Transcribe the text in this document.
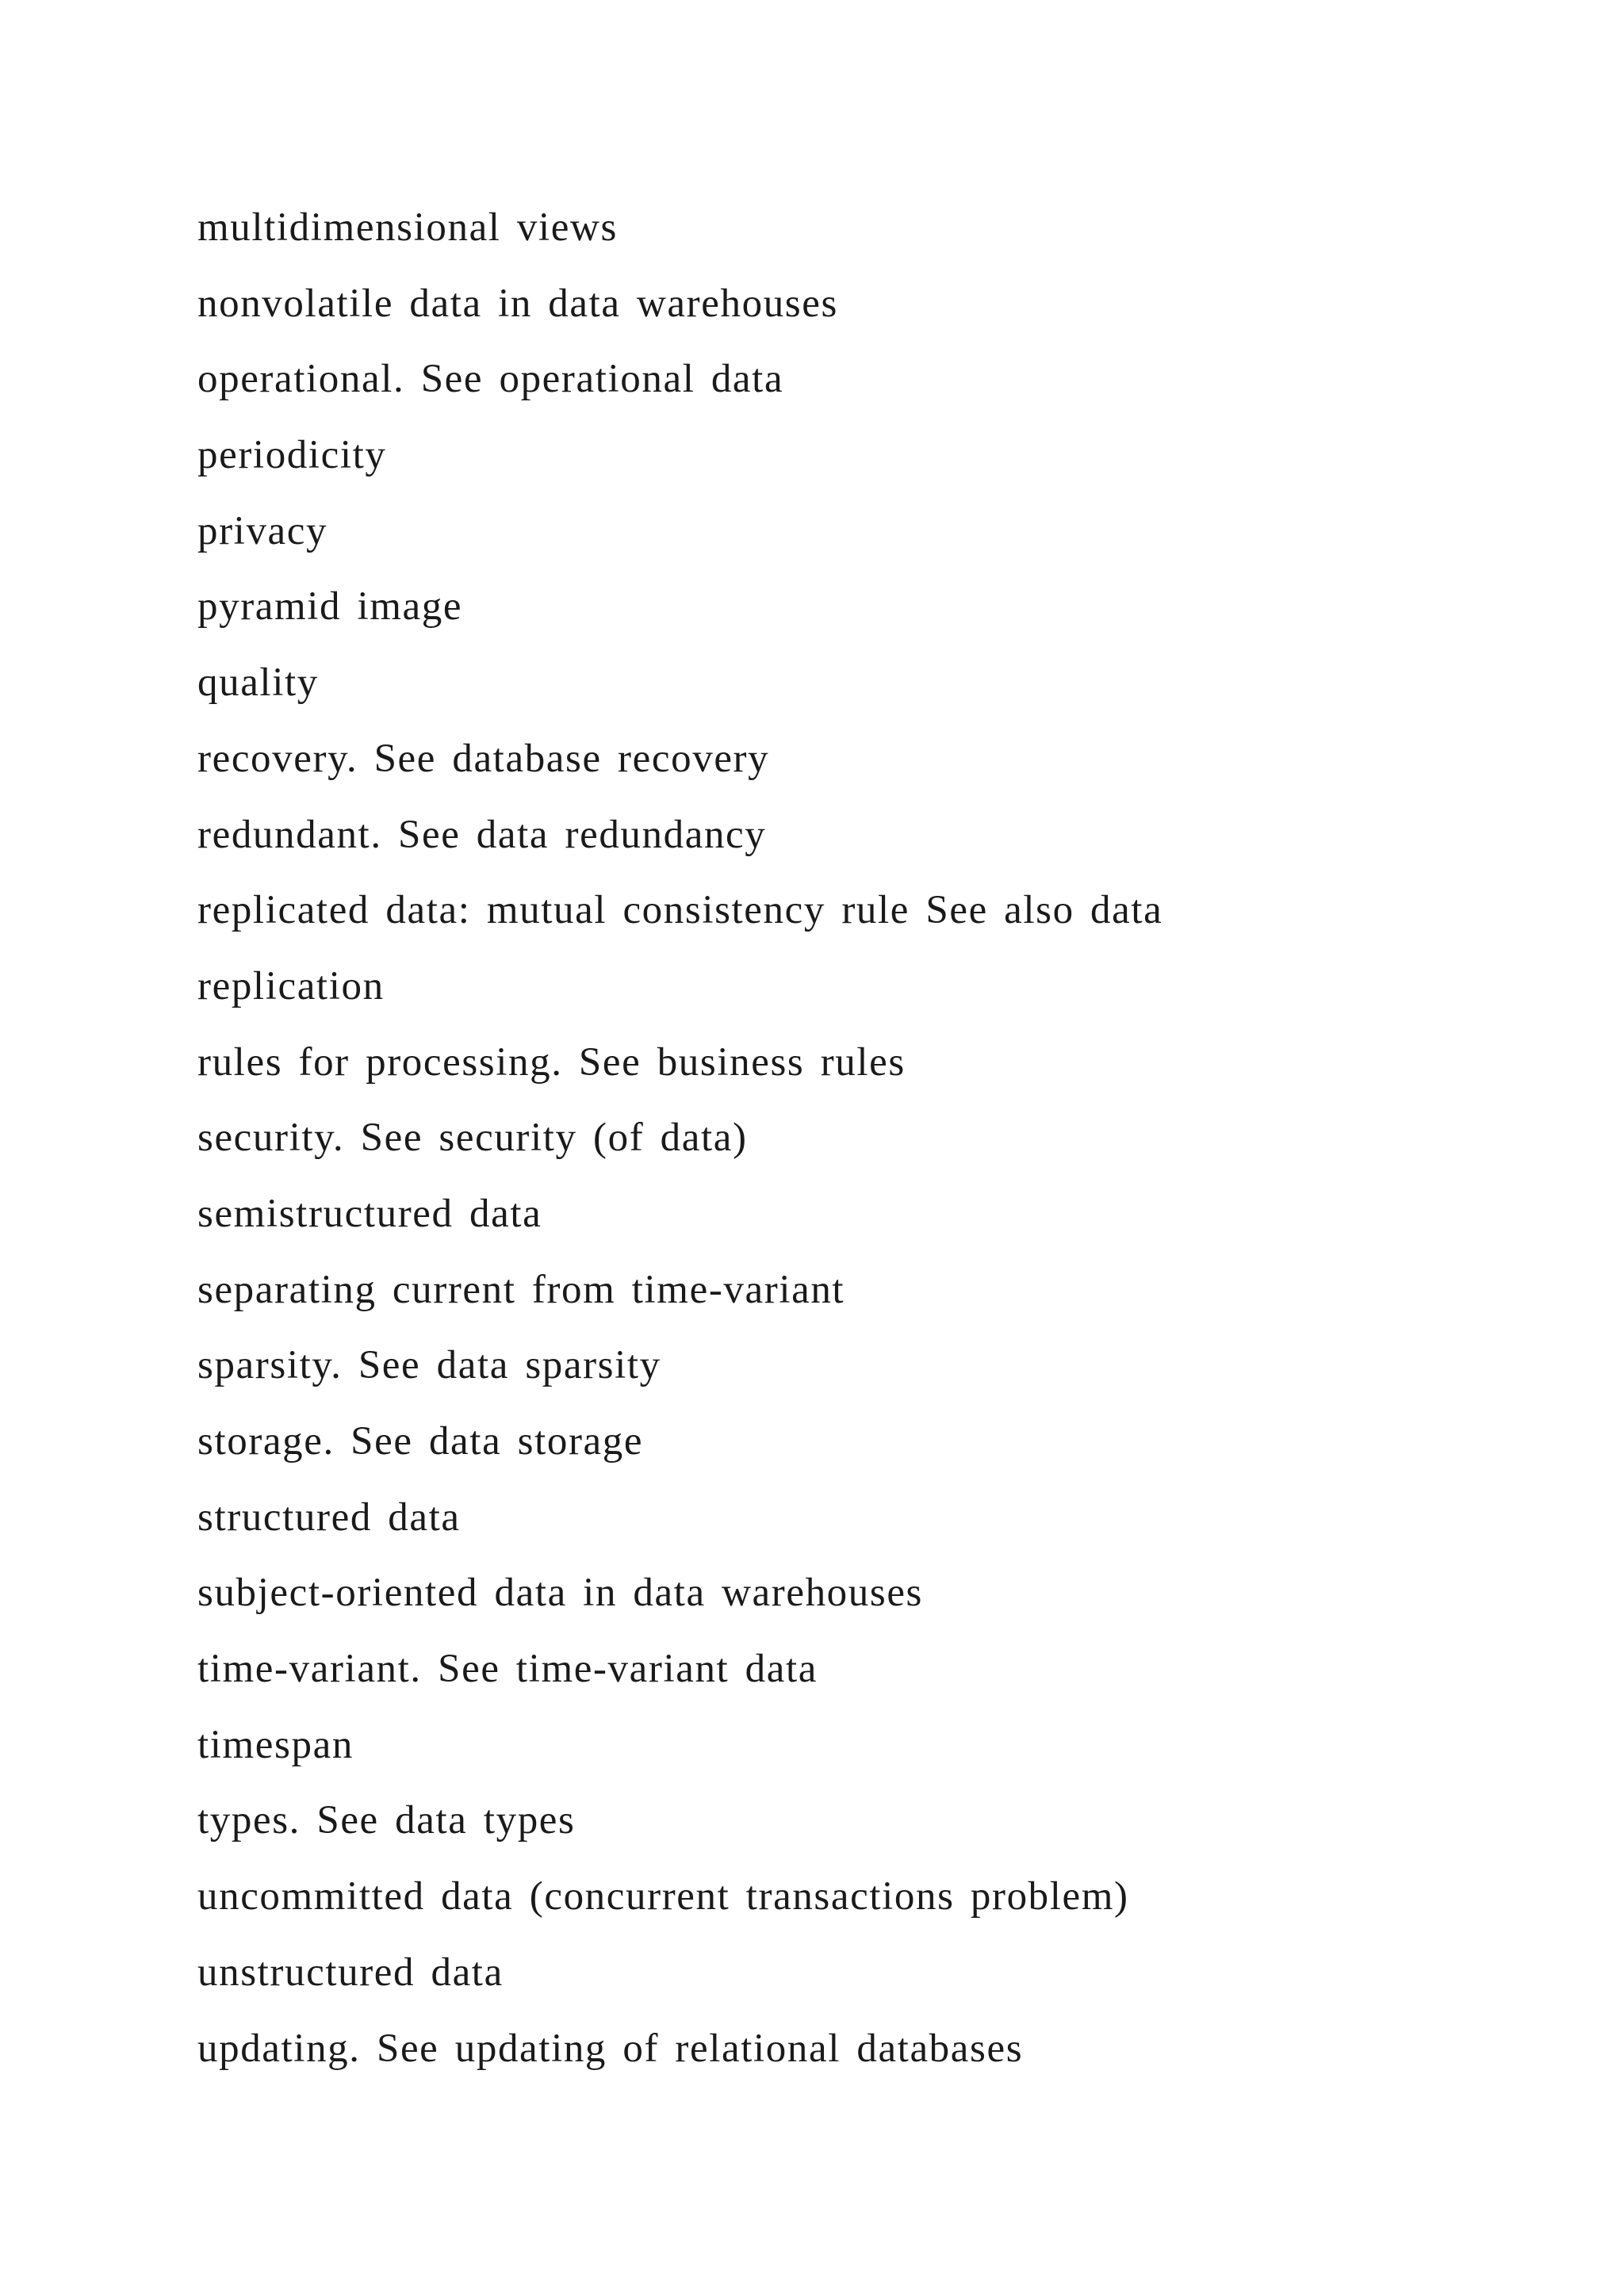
multidimensional views
nonvolatile data in data warehouses
operational. See operational data
periodicity
privacy
pyramid image
quality
recovery. See database recovery
redundant. See data redundancy
replicated data: mutual consistency rule See also data
replication
rules for processing. See business rules
security. See security (of data)
semistructured data
separating current from time-variant
sparsity. See data sparsity
storage. See data storage
structured data
subject-oriented data in data warehouses
time-variant. See time-variant data
timespan
types. See data types
uncommitted data (concurrent transactions problem)
unstructured data
updating. See updating of relational databases
